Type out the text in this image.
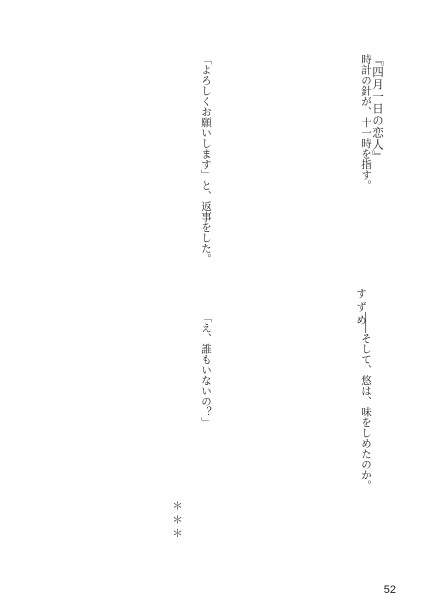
『四月一日の恋人』
すずめ
時計の針が、十一時を指す。
「よろしくお願いします」と、返事をした。
――そして、悠は、味をしめたのか。
「え、誰もいないの？」
＊＊＊
52
